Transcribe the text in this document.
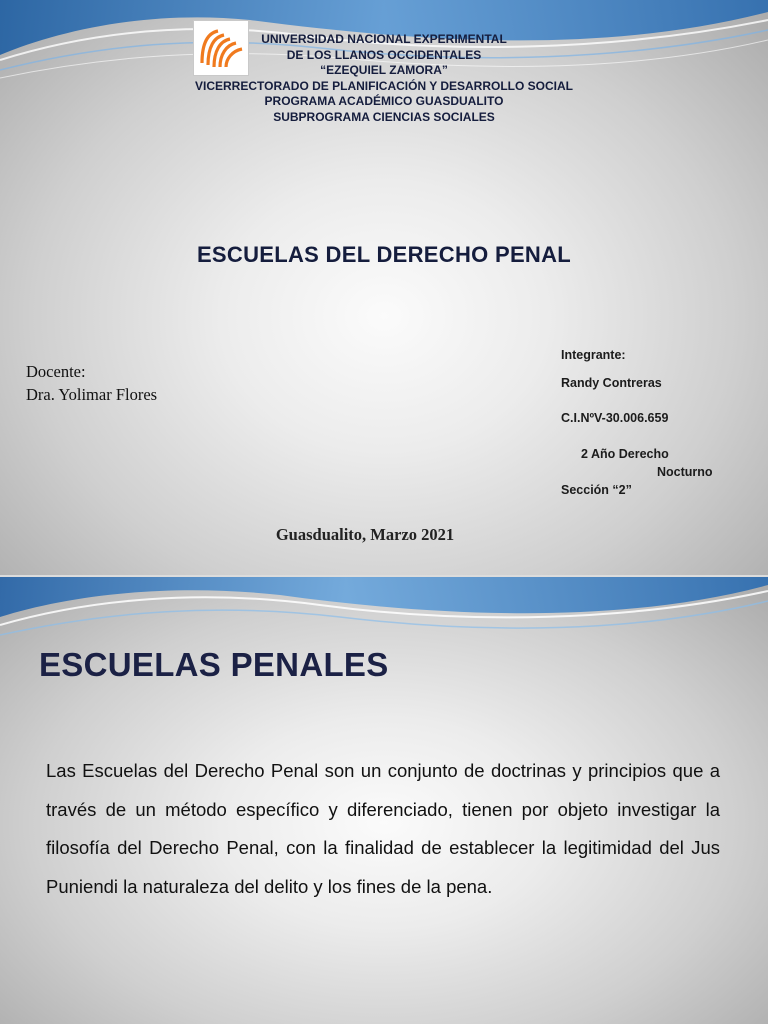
UNIVERSIDAD NACIONAL EXPERIMENTAL
DE LOS LLANOS OCCIDENTALES
“EZEQUIEL ZAMORA”
VICERRECTORADO DE PLANIFICACIÓN Y DESARROLLO SOCIAL
PROGRAMA ACADÉMICO GUASDUALITO
SUBPROGRAMA CIENCIAS SOCIALES
ESCUELAS DEL DERECHO PENAL
Docente:
Dra. Yolimar Flores
Integrante:
Randy Contreras
C.I.NºV-30.006.659
2 Año Derecho
Nocturno
Sección “2”
Guasdualito, Marzo 2021
ESCUELAS PENALES
Las Escuelas del Derecho Penal son un conjunto de doctrinas y principios que a través de un método específico y diferenciado, tienen por objeto investigar la filosofía del Derecho Penal, con la finalidad de establecer la legitimidad del Jus Puniendi la naturaleza del delito y los fines de la pena.
